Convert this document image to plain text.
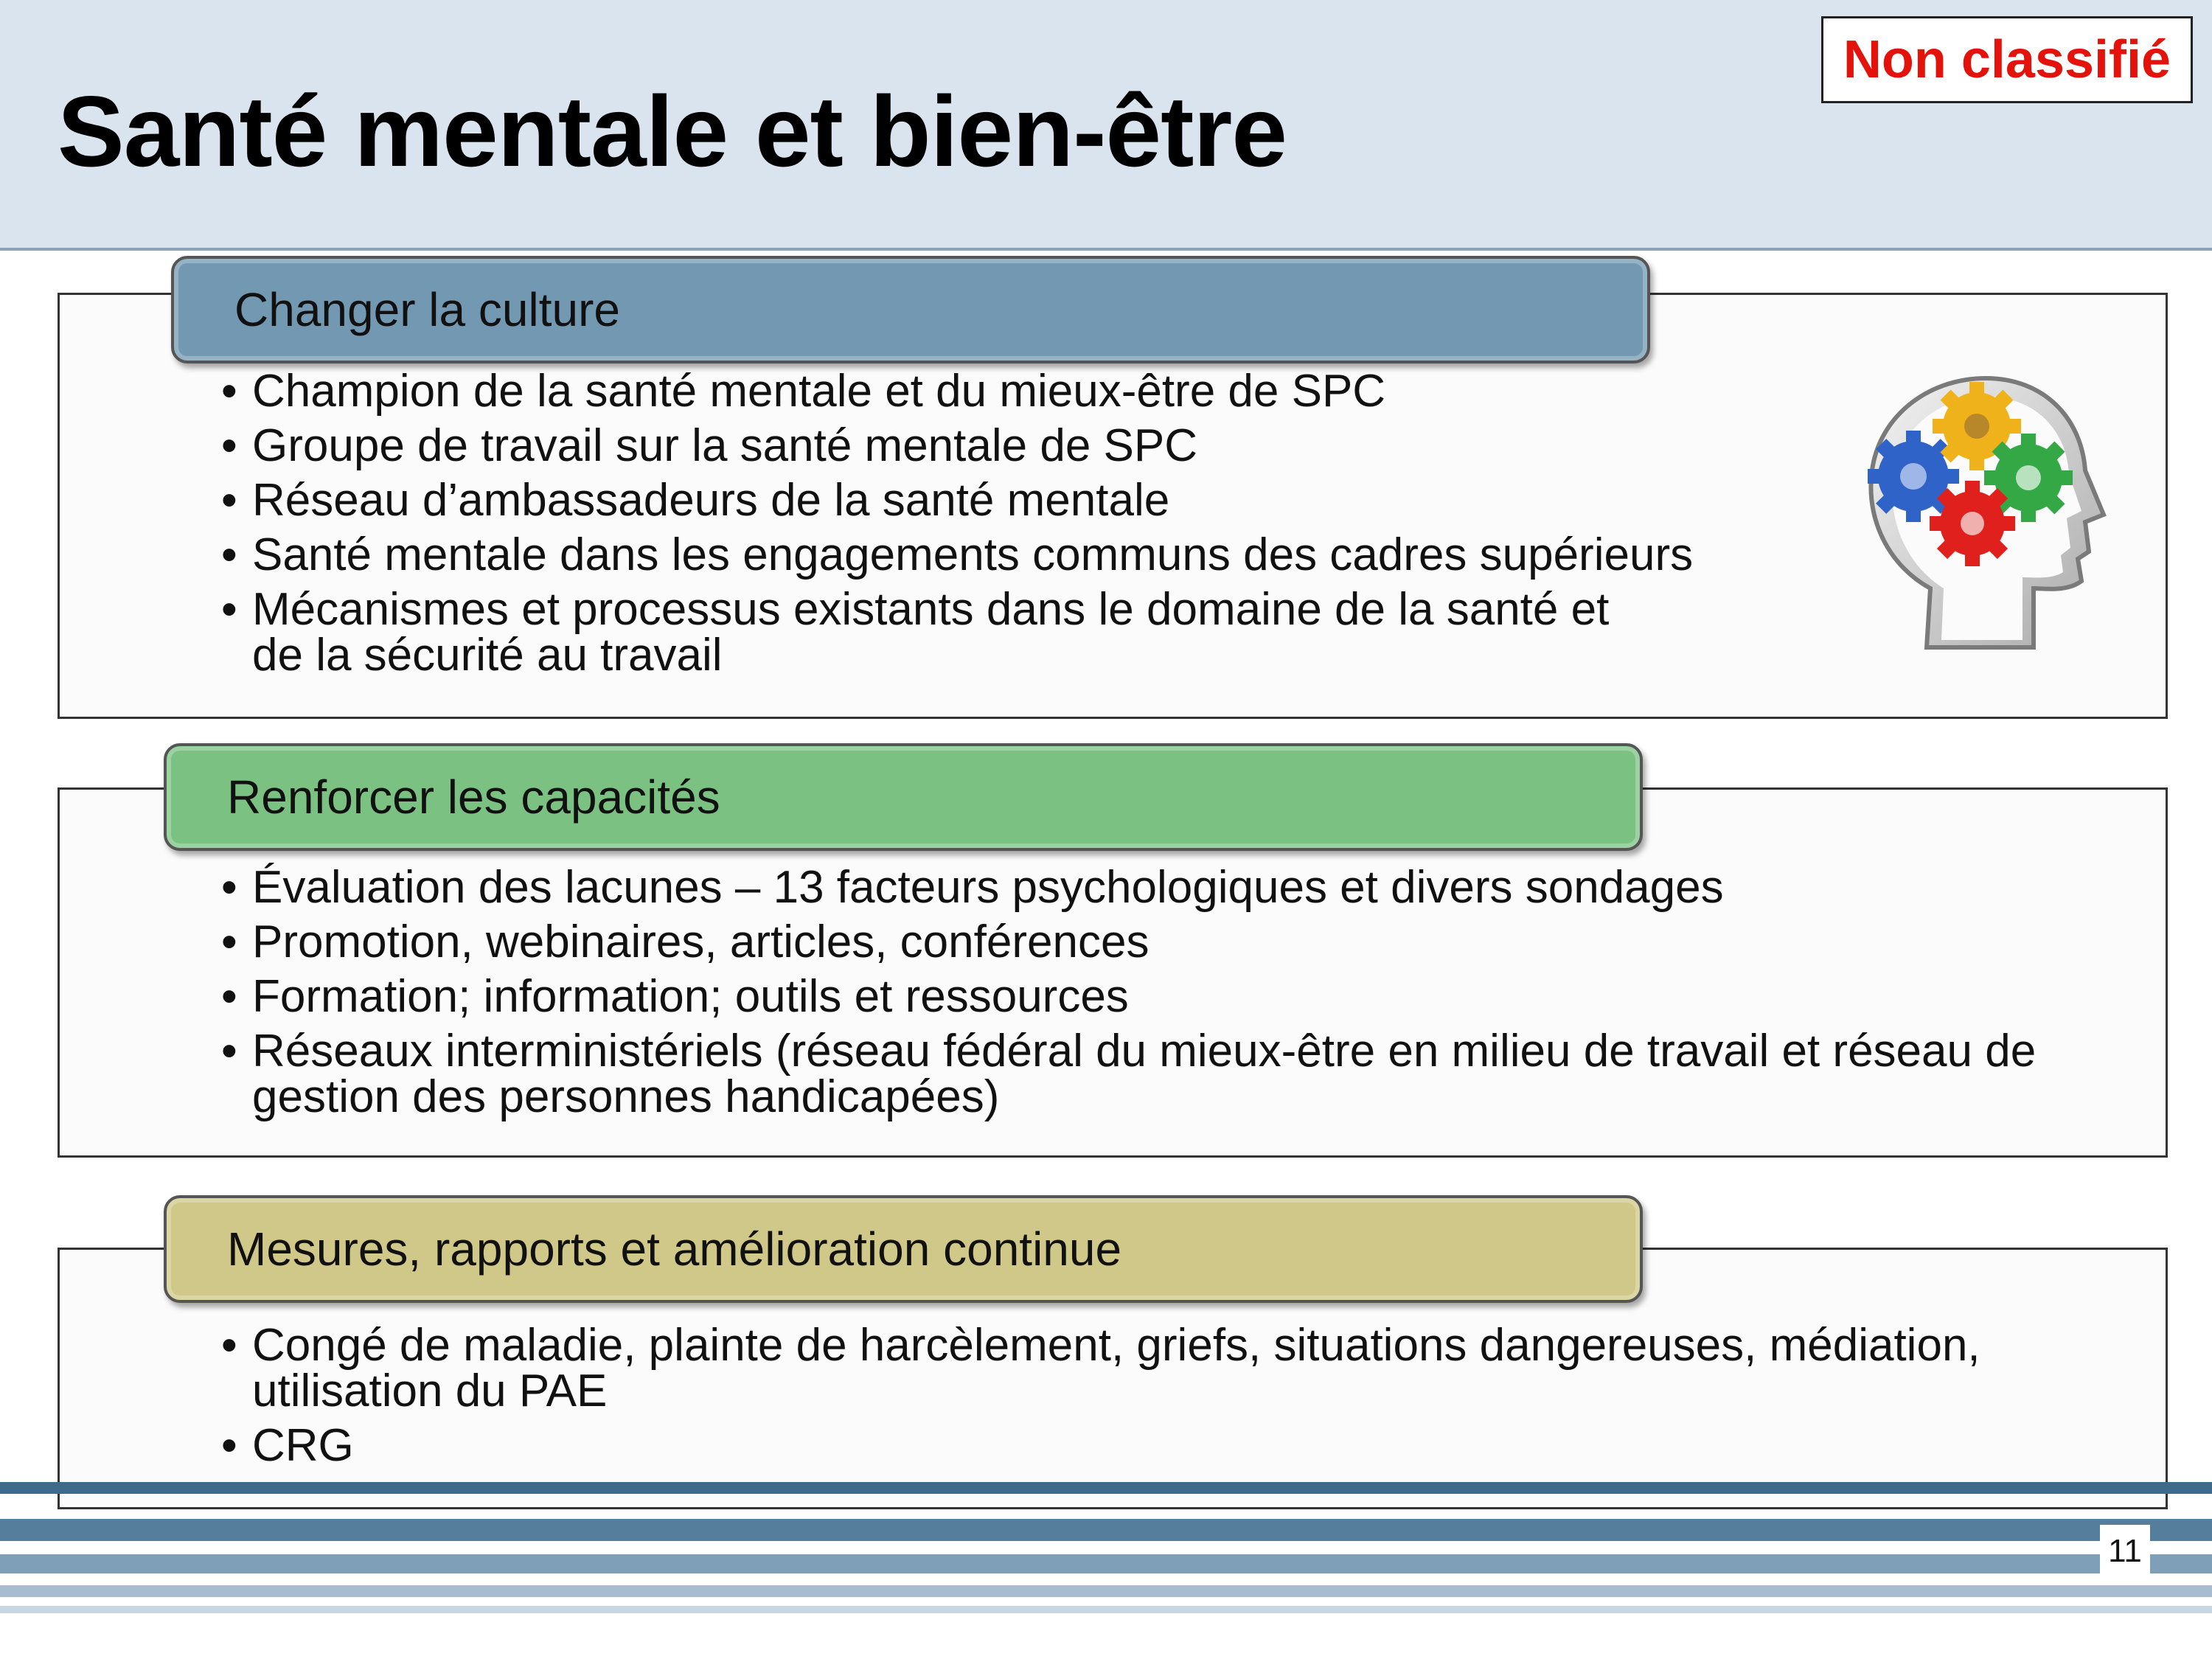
Santé mentale et bien-être
Non classifié
Changer la culture
• Champion de la santé mentale et du mieux-être de SPC
• Groupe de travail sur la santé mentale de SPC
• Réseau d’ambassadeurs de la santé mentale
• Santé mentale dans les engagements communs des cadres supérieurs
• Mécanismes et processus existants dans le domaine de la santé et de la sécurité au travail
Renforcer les capacités
• Évaluation des lacunes – 13 facteurs psychologiques et divers sondages
• Promotion, webinaires, articles, conférences
• Formation; information; outils et ressources
• Réseaux interministériels (réseau fédéral du mieux-être en milieu de travail et réseau de gestion des personnes handicapées)
Mesures, rapports et amélioration continue
• Congé de maladie, plainte de harcèlement, griefs, situations dangereuses, médiation, utilisation du PAE
• CRG
11
